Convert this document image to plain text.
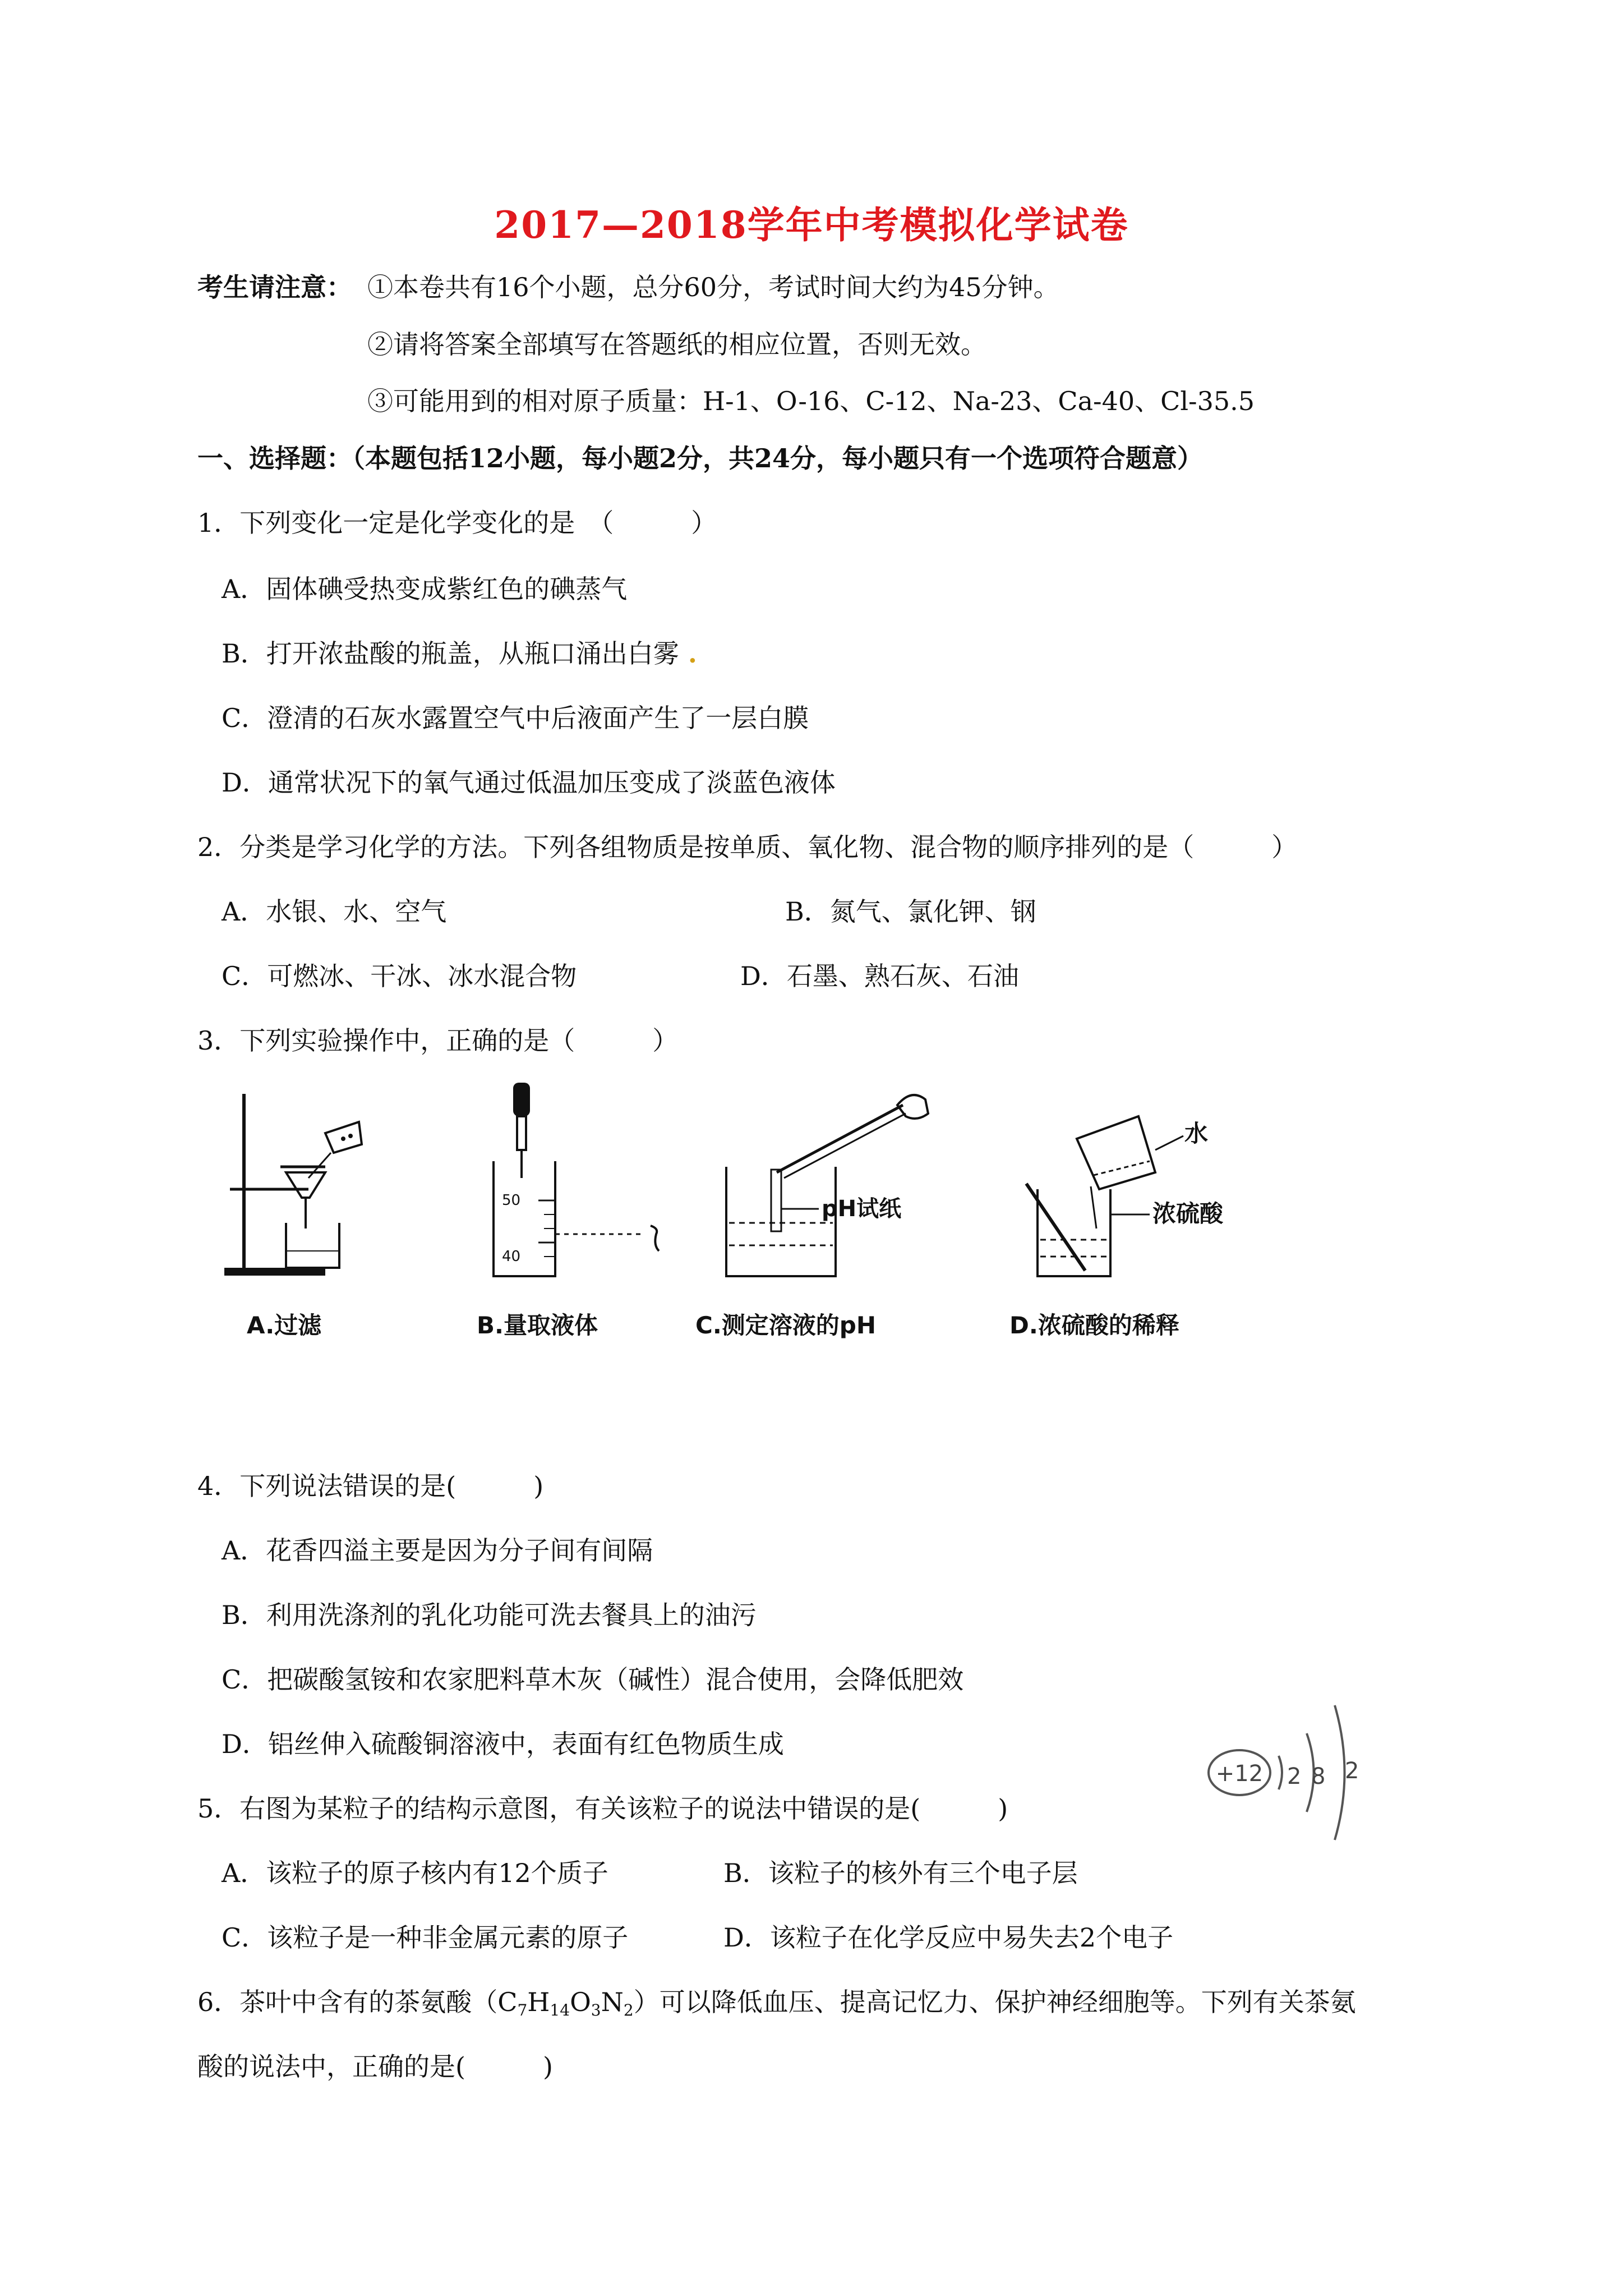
2017—2018学年中考模拟化学试卷
考生请注意： ①本卷共有16个小题，总分60分，考试时间大约为45分钟。
②请将答案全部填写在答题纸的相应位置，否则无效。
③可能用到的相对原子质量：H-1、O-16、C-12、Na-23、Ca-40、Cl-35.5
一、选择题：（本题包括12小题，每小题2分，共24分，每小题只有一个选项符合题意）
1．下列变化一定是化学变化的是　（　　　）
A．固体碘受热变成紫红色的碘蒸气
B．打开浓盐酸的瓶盖，从瓶口涌出白雾 .
C．澄清的石灰水露置空气中后液面产生了一层白膜
D．通常状况下的氧气通过低温加压变成了淡蓝色液体
2．分类是学习化学的方法。下列各组物质是按单质、氧化物、混合物的顺序排列的是（　　　）
A．水银、水、空气	B．氮气、氯化钾、钢
C．可燃冰、干冰、冰水混合物	D．石墨、熟石灰、石油
3．下列实验操作中，正确的是（　　　）
A.过滤
50
40
B.量取液体
pH试纸
C.测定溶液的pH
水
浓硫酸
D.浓硫酸的稀释
4．下列说法错误的是(　　　)
A．花香四溢主要是因为分子间有间隔
B．利用洗涤剂的乳化功能可洗去餐具上的油污
C．把碳酸氢铵和农家肥料草木灰（碱性）混合使用，会降低肥效
D．铝丝伸入硫酸铜溶液中，表面有红色物质生成
+12 2 8 2
5．右图为某粒子的结构示意图，有关该粒子的说法中错误的是(　　　)
A．该粒子的原子核内有12个质子	B．该粒子的核外有三个电子层
C．该粒子是一种非金属元素的原子	D．该粒子在化学反应中易失去2个电子
6．茶叶中含有的茶氨酸$(C_7H_{14}O_3N_2)$可以降低血压、提高记忆力、保护神经细胞等。下列有关茶氨
酸的说法中，正确的是(　　　)
